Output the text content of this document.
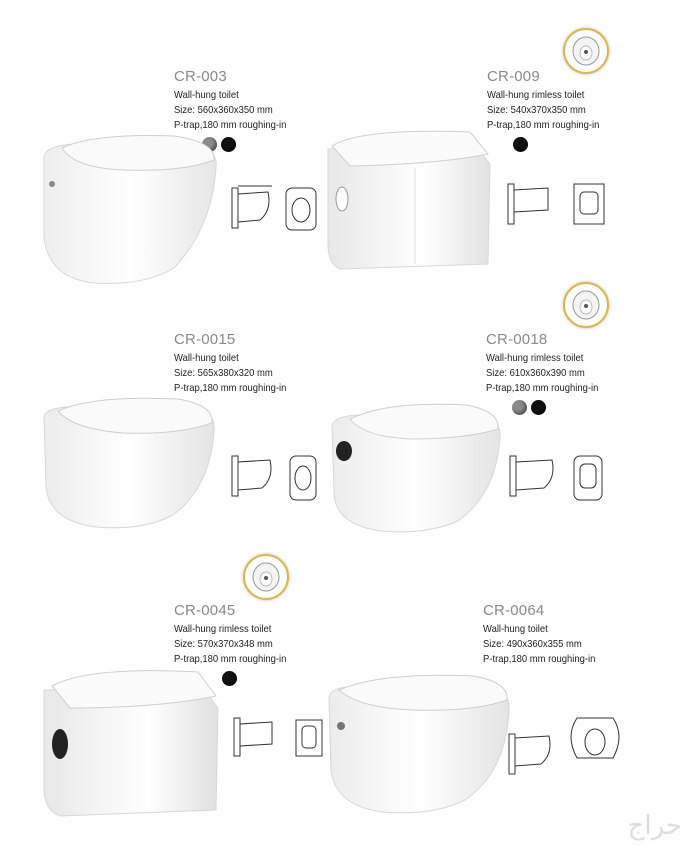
CR-003
Wall-hung toilet
Size: 560x360x350 mm
P-trap,180 mm roughing-in
CR-009
Wall-hung rimless toilet
Size: 540x370x350 mm
P-trap,180 mm roughing-in
CR-0015
Wall-hung toilet
Size: 565x380x320 mm
P-trap,180 mm roughing-in
CR-0018
Wall-hung rimless toilet
Size: 610x360x390 mm
P-trap,180 mm roughing-in
CR-0045
Wall-hung rimless toilet
Size: 570x370x348 mm
P-trap,180 mm roughing-in
CR-0064
Wall-hung toilet
Size: 490x360x355 mm
P-trap,180 mm roughing-in
حراج
